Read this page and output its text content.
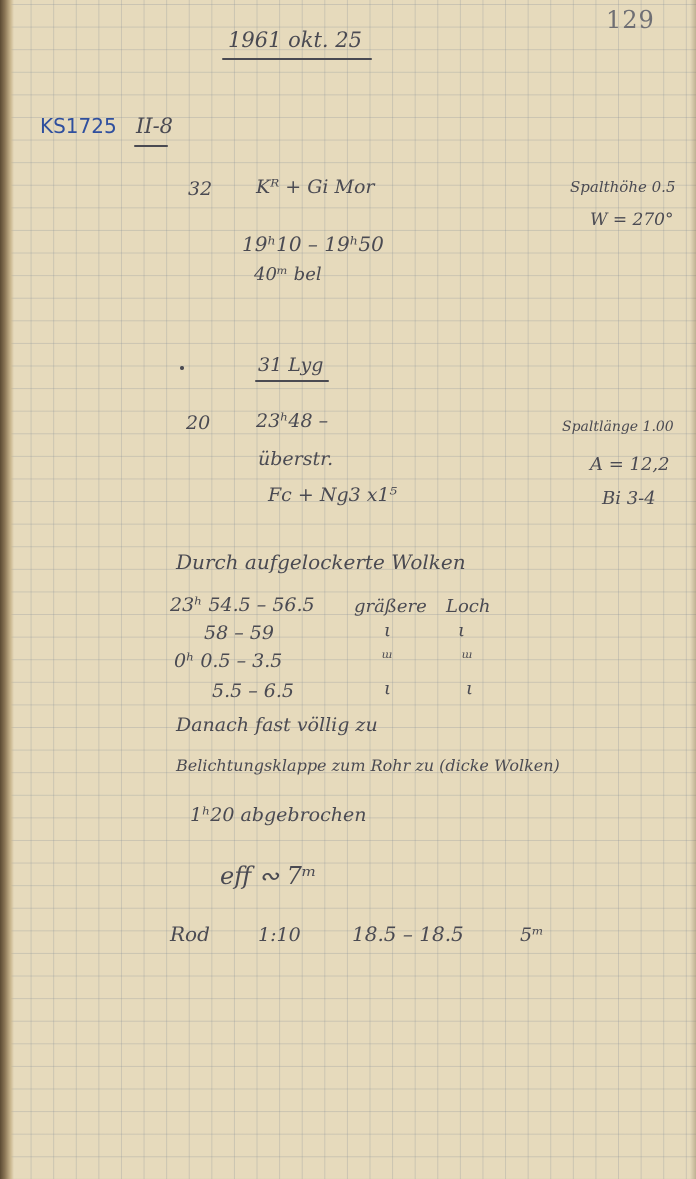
129
1961 okt. 25
KS1725 II-8
32 Kᴿ + Gi Mor
19ʰ10 – 19ʰ50
40ᵐ bel
Spalthöhe 0.5
W = 270°
31 Lyg
20 23ʰ48 –
überstr.
Fc + Ng3 x1⁵
Spaltlänge 1.00
A = 12,2
Bi 3-4
Durch aufgelockerte Wolken
23ʰ 54.5 – 56.5 gräßere Loch
58 – 59	ι	ι
0ʰ 0.5 – 3.5	ᵚ	ᵚ
5.5 – 6.5	ι	ι
Danach fast völlig zu
Belichtungsklappe zum Rohr zu (dicke Wolken)
1ʰ20 abgebrochen
eff ∾ 7ᵐ
Rod	1:10	18.5 – 18.5	5ᵐ
